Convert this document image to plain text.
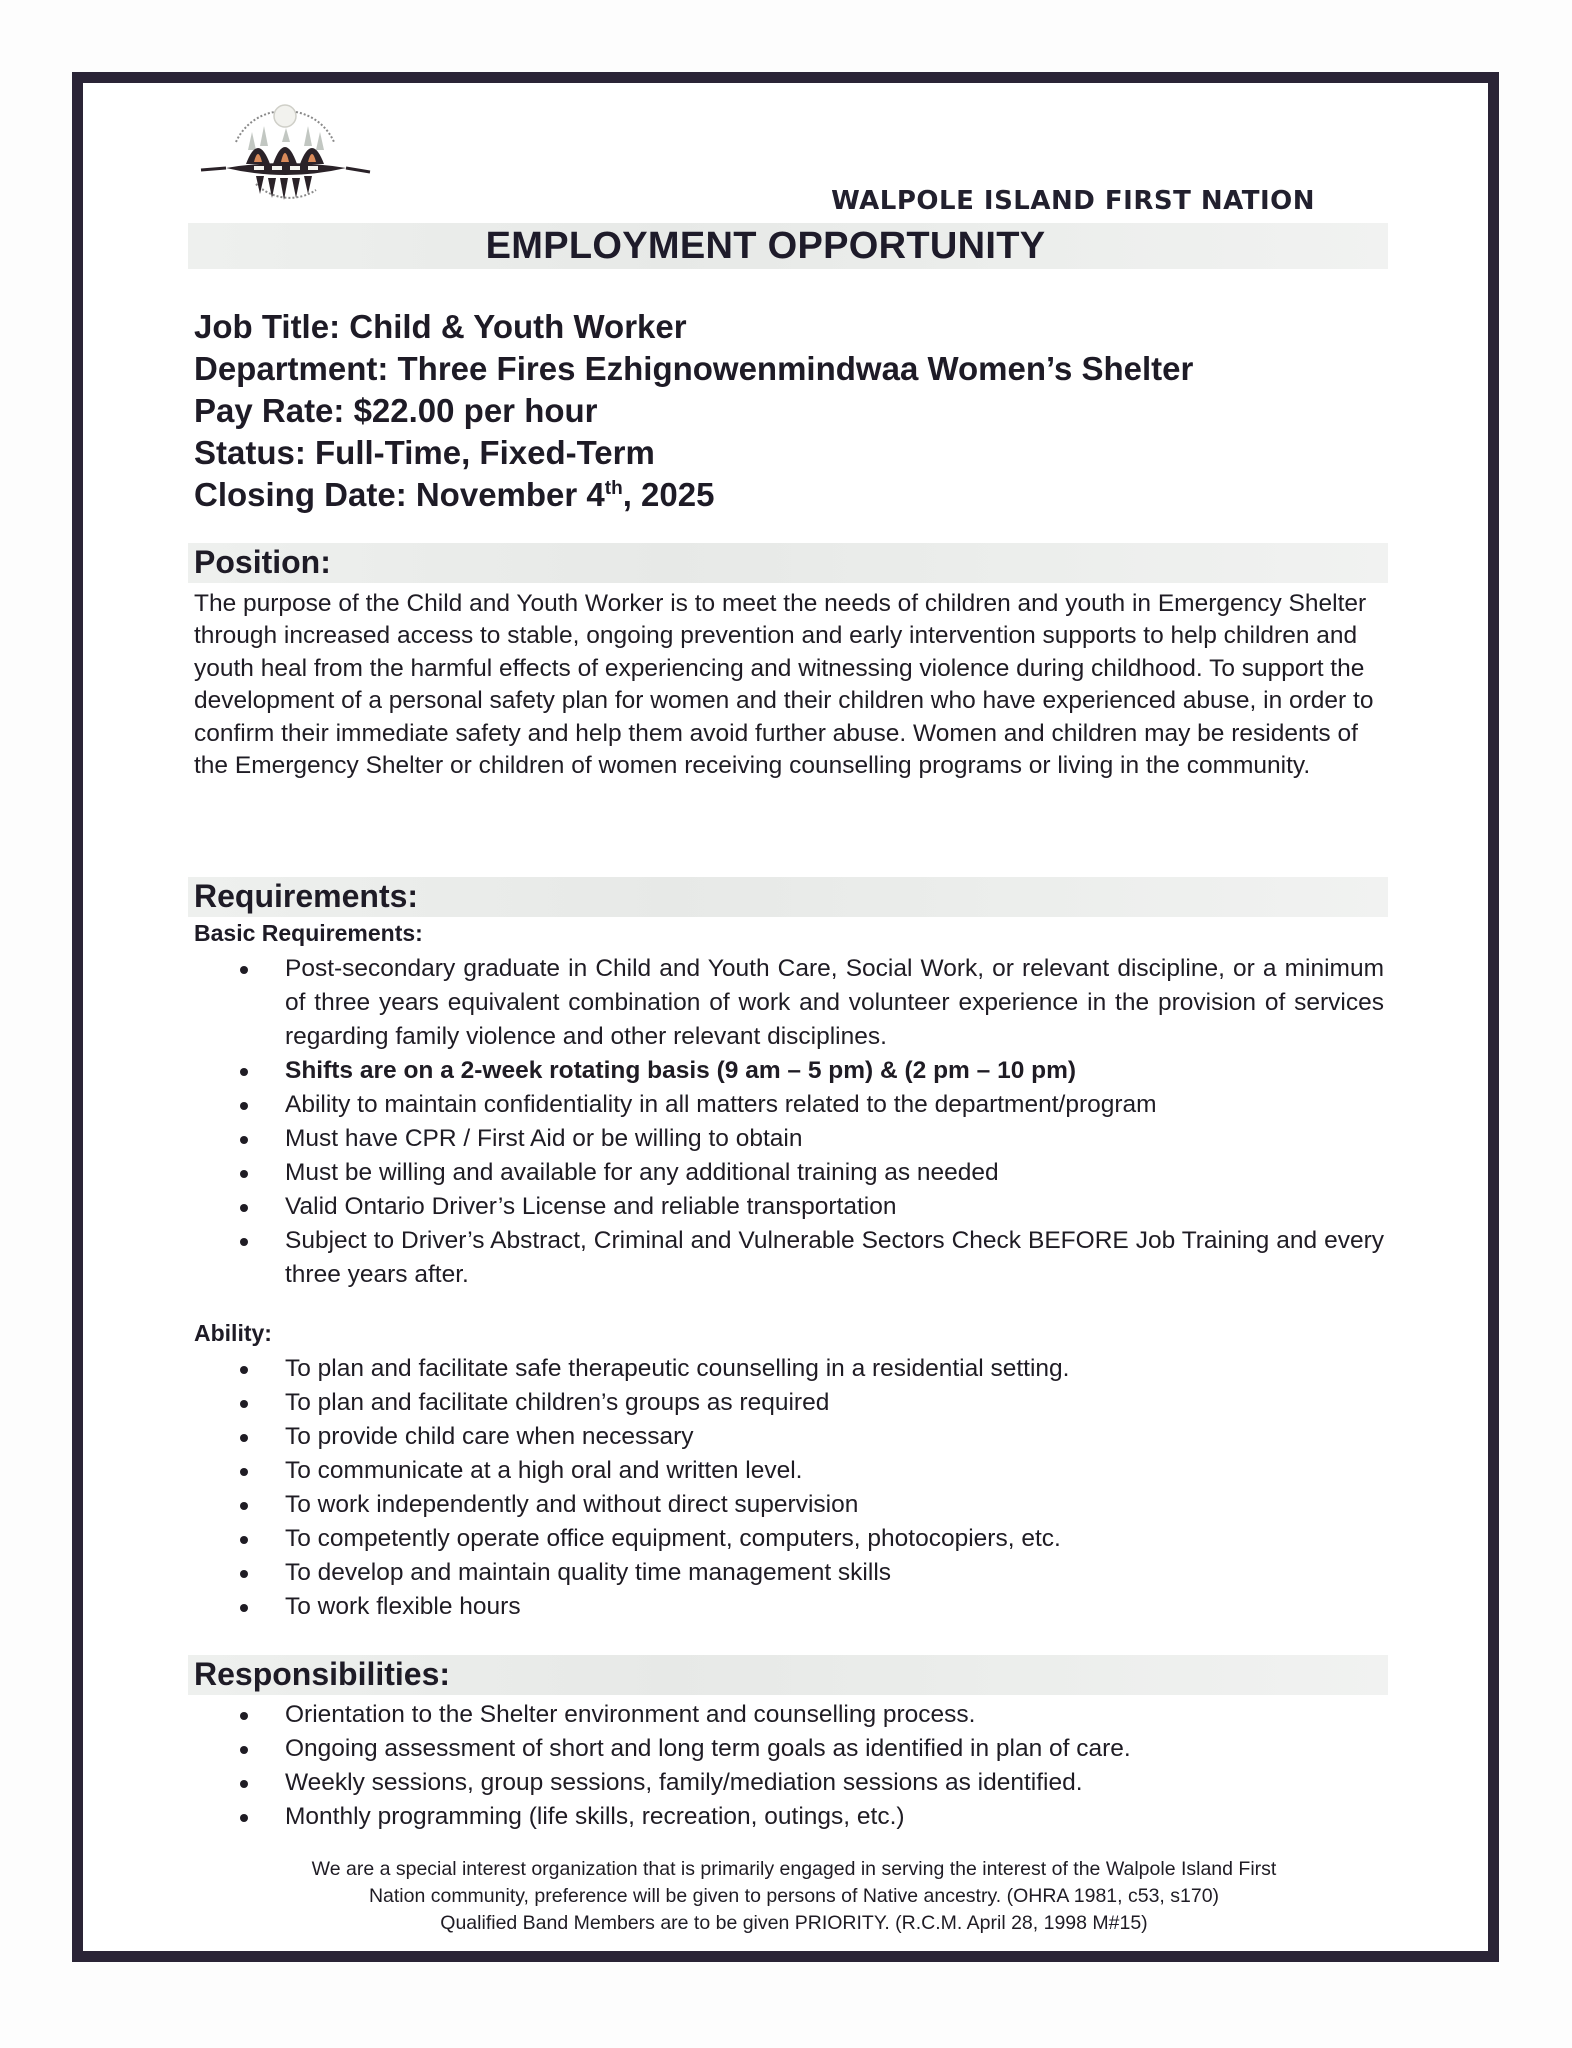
WALPOLE ISLAND FIRST NATION
EMPLOYMENT OPPORTUNITY
Job Title: Child & Youth Worker
Department: Three Fires Ezhignowenmindwaa Women’s Shelter
Pay Rate: $22.00 per hour
Status: Full-Time, Fixed-Term
Closing Date: November 4th, 2025
Position:
The purpose of the Child and Youth Worker is to meet the needs of children and youth in Emergency Shelter through increased access to stable, ongoing prevention and early intervention supports to help children and youth heal from the harmful effects of experiencing and witnessing violence during childhood. To support the development of a personal safety plan for women and their children who have experienced abuse, in order to confirm their immediate safety and help them avoid further abuse. Women and children may be residents of the Emergency Shelter or children of women receiving counselling programs or living in the community.
Requirements:
Basic Requirements:
Post-secondary graduate in Child and Youth Care, Social Work, or relevant discipline, or a minimum of three years equivalent combination of work and volunteer experience in the provision of services regarding family violence and other relevant disciplines.
Shifts are on a 2-week rotating basis (9 am – 5 pm) & (2 pm – 10 pm)
Ability to maintain confidentiality in all matters related to the department/program
Must have CPR / First Aid or be willing to obtain
Must be willing and available for any additional training as needed
Valid Ontario Driver’s License and reliable transportation
Subject to Driver’s Abstract, Criminal and Vulnerable Sectors Check BEFORE Job Training and every three years after.
Ability:
To plan and facilitate safe therapeutic counselling in a residential setting.
To plan and facilitate children’s groups as required
To provide child care when necessary
To communicate at a high oral and written level.
To work independently and without direct supervision
To competently operate office equipment, computers, photocopiers, etc.
To develop and maintain quality time management skills
To work flexible hours
Responsibilities:
Orientation to the Shelter environment and counselling process.
Ongoing assessment of short and long term goals as identified in plan of care.
Weekly sessions, group sessions, family/mediation sessions as identified.
Monthly programming (life skills, recreation, outings, etc.)
We are a special interest organization that is primarily engaged in serving the interest of the Walpole Island First
Nation community, preference will be given to persons of Native ancestry. (OHRA 1981, c53, s170)
Qualified Band Members are to be given PRIORITY. (R.C.M. April 28, 1998 M#15)
